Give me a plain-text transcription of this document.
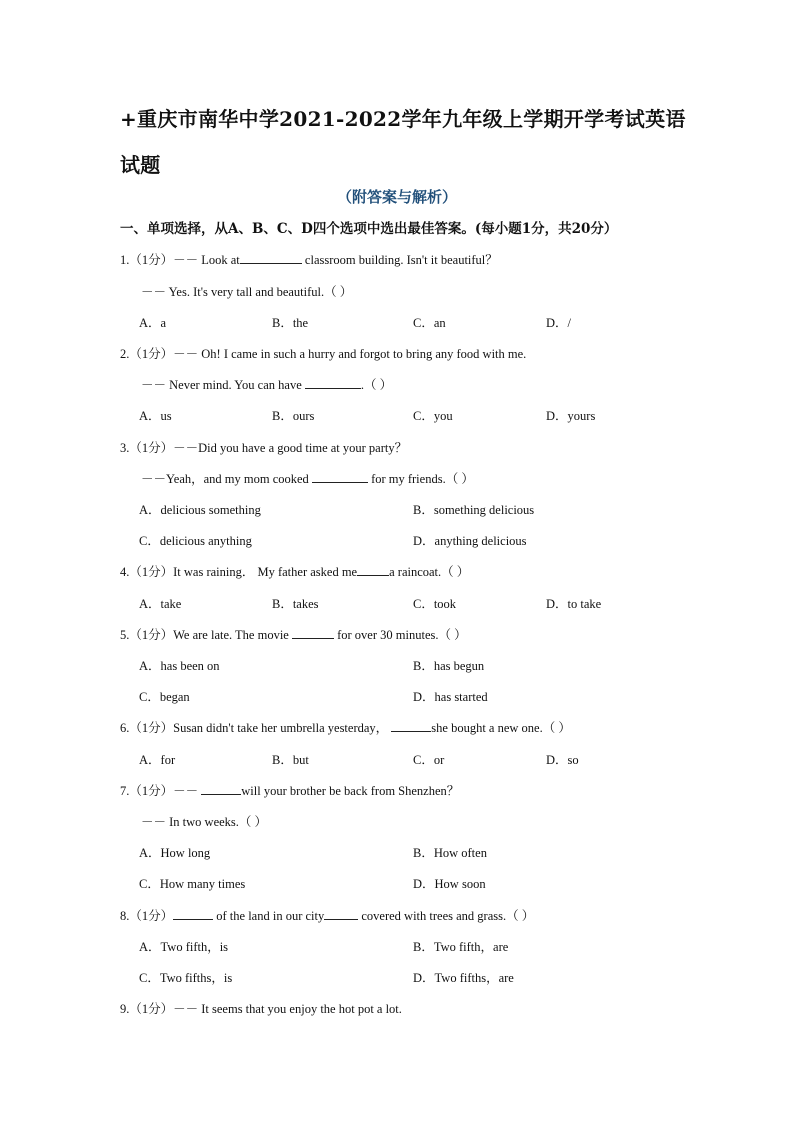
+重庆市南华中学2021-2022学年九年级上学期开学考试英语试题
（附答案与解析）
一、单项选择，从A、B、C、D四个选项中选出最佳答案。(每小题1分，共20分）
1.（1分）－－ Look at	classroom building. Isn't it beautiful？
－－ Yes. It's very tall and beautiful.（ ）
A．a	B．the	C．an	D．/
2.（1分）－－ Oh! I came in such a hurry and forgot to bring any food with me.
－－ Never mind. You can have	.（ ）
A．us	B．ours	C．you	D．yours
3.（1分）－－Did you have a good time at your party？
－－Yeah，and my mom cooked	for my friends.（ ）
A．delicious something	B．something delicious
C．delicious anything	D．anything delicious
4.（1分）It was raining． My father asked me	a raincoat.（ ）
A．take	B．takes	C．took	D．to take
5.（1分）We are late. The movie	for over 30 minutes.（ ）
A．has been on	B．has begun
C．began	D．has started
6.（1分）Susan didn't take her umbrella yesterday，	she bought a new one.（ ）
A．for	B．but	C．or	D．so
7.（1分）－－	will your brother be back from Shenzhen？
－－ In two weeks.（ ）
A．How long	B．How often
C．How many times	D．How soon
8.（1分）	of the land in our city	covered with trees and grass.（ ）
A．Two fifth，is	B．Two fifth，are
C．Two fifths，is	D．Two fifths，are
9.（1分）－－ It seems that you enjoy the hot pot a lot.
